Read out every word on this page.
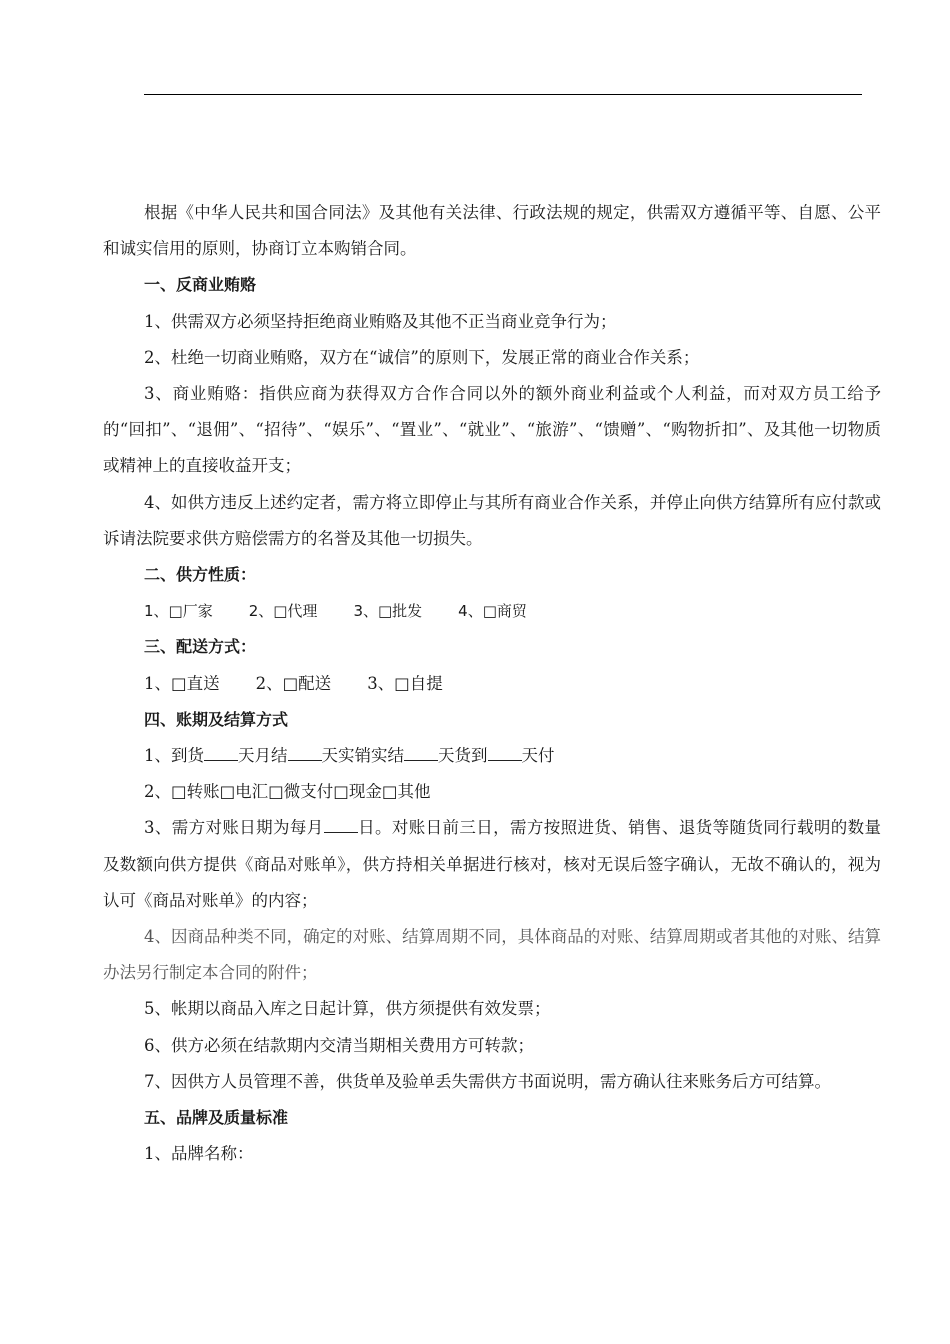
根据《中华人民共和国合同法》及其他有关法律、行政法规的规定，供需双方遵循平等、自愿、公平和诚实信用的原则，协商订立本购销合同。

一、反商业贿赂

1、供需双方必须坚持拒绝商业贿赂及其他不正当商业竞争行为；

2、杜绝一切商业贿赂，双方在“诚信”的原则下，发展正常的商业合作关系；

3、商业贿赂：指供应商为获得双方合作合同以外的额外商业利益或个人利益，而对双方员工给予的“回扣”、“退佣”、“招待”、“娱乐”、“置业”、“就业”、“旅游”、“馈赠”、“购物折扣”、及其他一切物质或精神上的直接收益开支；

4、如供方违反上述约定者，需方将立即停止与其所有商业合作关系，并停止向供方结算所有应付款或诉请法院要求供方赔偿需方的名誉及其他一切损失。

二、供方性质：

1、□厂家 2、□代理 3、□批发 4、□商贸

三、配送方式：

1、□直送 2、□配送 3、□自提

四、账期及结算方式

1、到货 天月结 天实销实结 天货到 天付

2、□转账□电汇□微支付□现金□其他

3、需方对账日期为每月 日。对账日前三日，需方按照进货、销售、退货等随货同行载明的数量及数额向供方提供《商品对账单》，供方持相关单据进行核对，核对无误后签字确认，无故不确认的，视为认可《商品对账单》的内容；

4、因商品种类不同，确定的对账、结算周期不同，具体商品的对账、结算周期或者其他的对账、结算办法另行制定本合同的附件；

5、帐期以商品入库之日起计算，供方须提供有效发票；

6、供方必须在结款期内交清当期相关费用方可转款；

7、因供方人员管理不善，供货单及验单丢失需供方书面说明，需方确认往来账务后方可结算。

五、品牌及质量标准

1、品牌名称：
